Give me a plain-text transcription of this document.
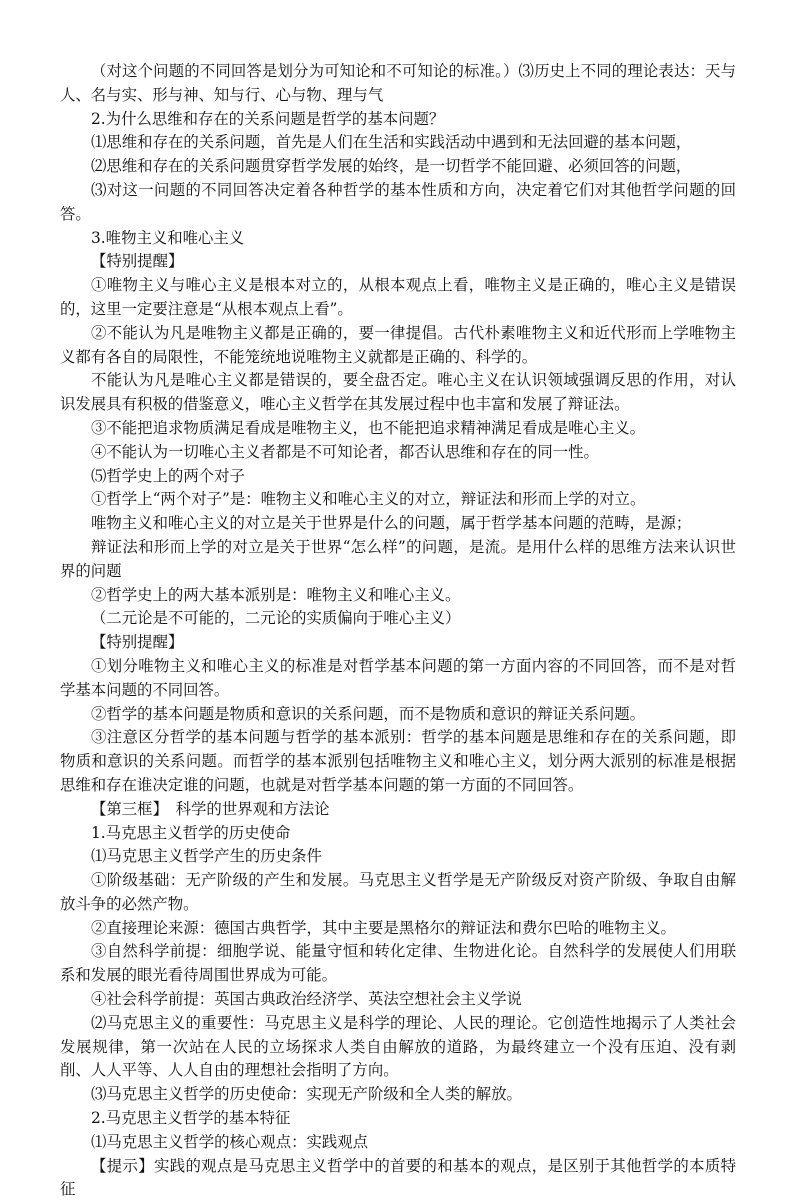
（对这个问题的不同回答是划分为可知论和不可知论的标准。）⑶历史上不同的理论表达：天与人、名与实、形与神、知与行、心与物、理与气

2.为什么思维和存在的关系问题是哲学的基本问题？

⑴思维和存在的关系问题，首先是人们在生活和实践活动中遇到和无法回避的基本问题，

⑵思维和存在的关系问题贯穿哲学发展的始终，是一切哲学不能回避、必须回答的问题，

⑶对这一问题的不同回答决定着各种哲学的基本性质和方向，决定着它们对其他哲学问题的回答。

3.唯物主义和唯心主义

【特别提醒】

①唯物主义与唯心主义是根本对立的，从根本观点上看，唯物主义是正确的，唯心主义是错误的，这里一定要注意是“从根本观点上看”。

②不能认为凡是唯物主义都是正确的，要一律提倡。古代朴素唯物主义和近代形而上学唯物主义都有各自的局限性，不能笼统地说唯物主义就都是正确的、科学的。

不能认为凡是唯心主义都是错误的，要全盘否定。唯心主义在认识领域强调反思的作用，对认识发展具有积极的借鉴意义，唯心主义哲学在其发展过程中也丰富和发展了辩证法。

③不能把追求物质满足看成是唯物主义，也不能把追求精神满足看成是唯心主义。

④不能认为一切唯心主义者都是不可知论者，都否认思维和存在的同一性。

⑸哲学史上的两个对子

①哲学上“两个对子”是：唯物主义和唯心主义的对立，辩证法和形而上学的对立。

唯物主义和唯心主义的对立是关于世界是什么的问题，属于哲学基本问题的范畴，是源；

辩证法和形而上学的对立是关于世界“怎么样”的问题，是流。是用什么样的思维方法来认识世界的问题

②哲学史上的两大基本派别是：唯物主义和唯心主义。

（二元论是不可能的，二元论的实质偏向于唯心主义）

【特别提醒】

①划分唯物主义和唯心主义的标准是对哲学基本问题的第一方面内容的不同回答，而不是对哲学基本问题的不同回答。

②哲学的基本问题是物质和意识的关系问题，而不是物质和意识的辩证关系问题。

③注意区分哲学的基本问题与哲学的基本派别：哲学的基本问题是思维和存在的关系问题，即物质和意识的关系问题。而哲学的基本派别包括唯物主义和唯心主义，划分两大派别的标准是根据思维和存在谁决定谁的问题，也就是对哲学基本问题的第一方面的不同回答。

【第三框】　科学的世界观和方法论

1.马克思主义哲学的历史使命

⑴马克思主义哲学产生的历史条件

①阶级基础：无产阶级的产生和发展。马克思主义哲学是无产阶级反对资产阶级、争取自由解放斗争的必然产物。

②直接理论来源：德国古典哲学，其中主要是黑格尔的辩证法和费尔巴哈的唯物主义。

③自然科学前提：细胞学说、能量守恒和转化定律、生物进化论。自然科学的发展使人们用联系和发展的眼光看待周围世界成为可能。

④社会科学前提：英国古典政治经济学、英法空想社会主义学说

⑵马克思主义的重要性：马克思主义是科学的理论、人民的理论。它创造性地揭示了人类社会发展规律，第一次站在人民的立场探求人类自由解放的道路，为最终建立一个没有压迫、没有剥削、人人平等、人人自由的理想社会指明了方向。

⑶马克思主义哲学的历史使命：实现无产阶级和全人类的解放。

2.马克思主义哲学的基本特征

⑴马克思主义哲学的核心观点：实践观点

【提示】实践的观点是马克思主义哲学中的首要的和基本的观点，是区别于其他哲学的本质特征
